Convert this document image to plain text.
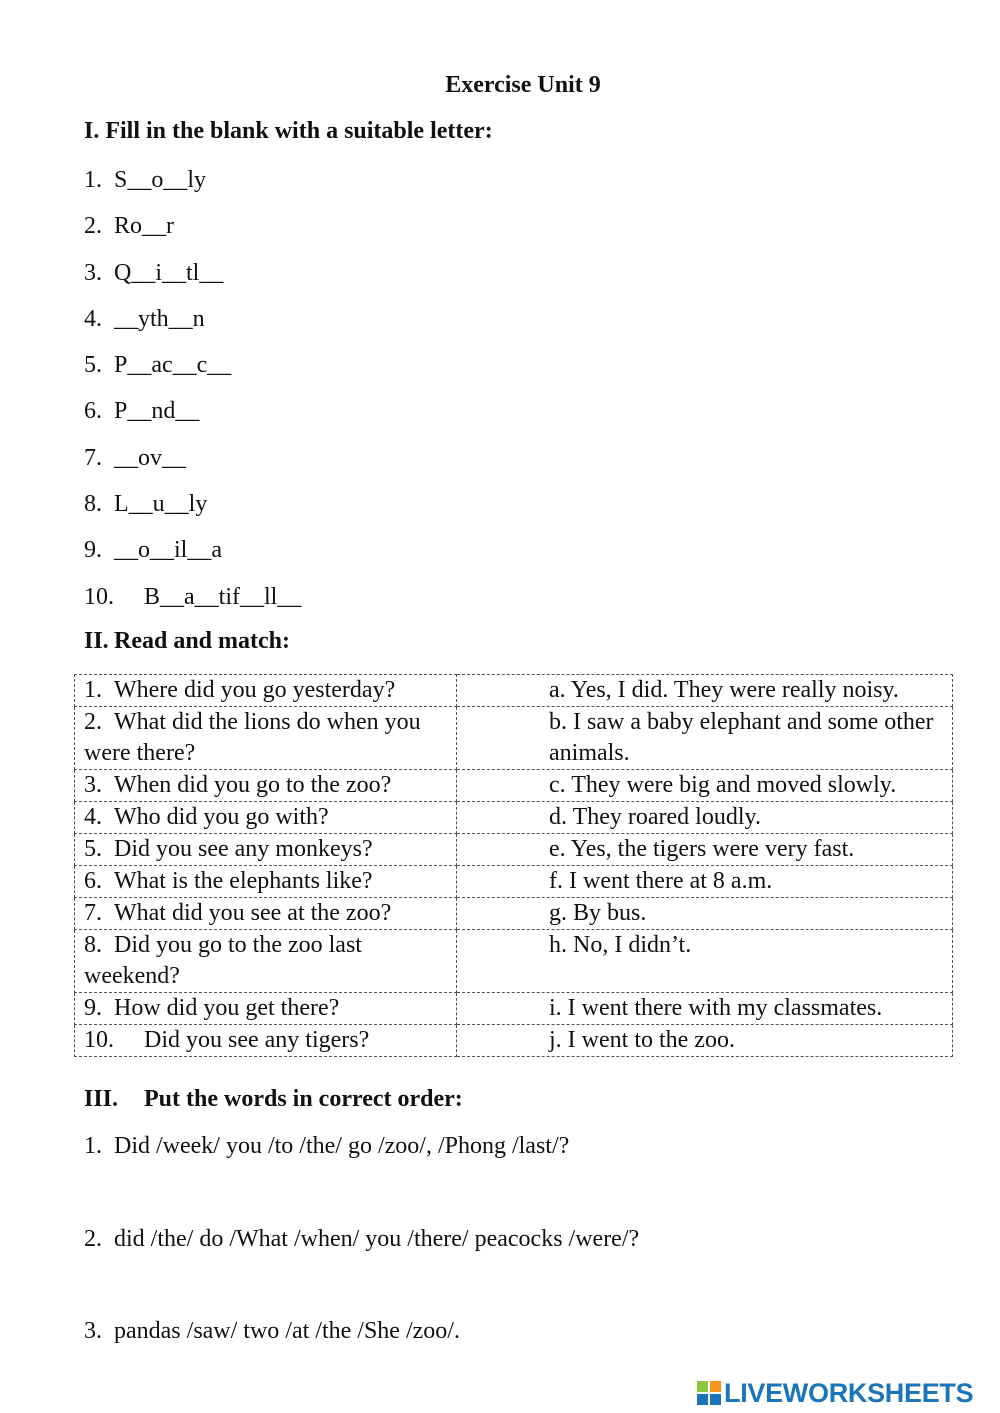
Exercise Unit 9
I. Fill in the blank with a suitable letter:
1. S__o__ly
2. Ro__r
3. Q__i__tl__
4. __yth__n
5. P__ac__c__
6. P__nd__
7. __ov__
8. L__u__ly
9. __o__il__a
10. B__a__tif__ll__
II. Read and match:
1. Where did you go yesterday?	a. Yes, I did. They were really noisy.
2. What did the lions do when you were there?	b. I saw a baby elephant and some other animals.
3. When did you go to the zoo?	c. They were big and moved slowly.
4. Who did you go with?	d. They roared loudly.
5. Did you see any monkeys?	e. Yes, the tigers were very fast.
6. What is the elephants like?	f. I went there at 8 a.m.
7. What did you see at the zoo?	g. By bus.
8. Did you go to the zoo last weekend?	h. No, I didn’t.
9. How did you get there?	i. I went there with my classmates.
10. Did you see any tigers?	j. I went to the zoo.
III. Put the words in correct order:
1. Did /week/ you /to /the/ go /zoo/, /Phong /last/?
2. did /the/ do /What /when/ you /there/ peacocks /were/?
3. pandas /saw/ two /at /the /She /zoo/.
LIVEWORKSHEETS
